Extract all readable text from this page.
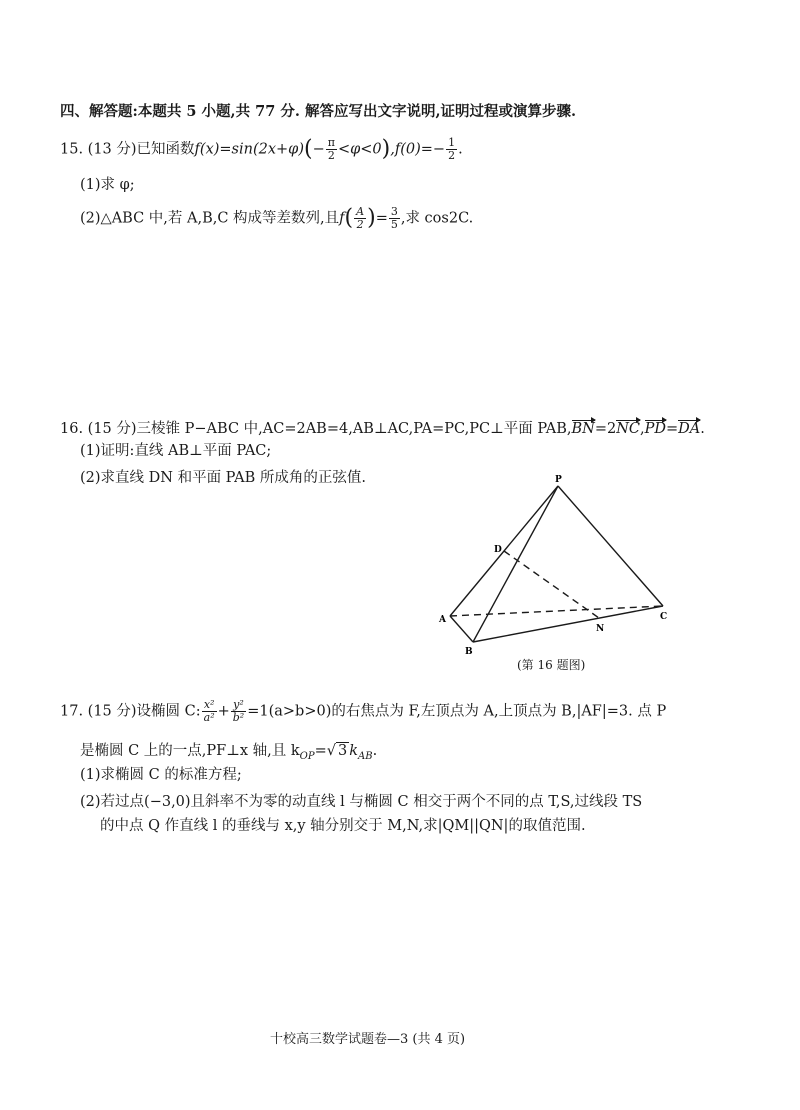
四、解答题:本题共 5 小题,共 77 分. 解答应写出文字说明,证明过程或演算步骤.
15. (13 分)已知函数$f(x)=\sin(2x+\varphi)(- \frac{\pi}{2} <\varphi<0),f(0)=- \frac{1}{2}$ .
(1)求 φ;
(2)△ABC 中,若 A,B,C 构成等差数列,且$f( \frac{A}{2}$ )= $\frac{3}{5}$ ,求 cos2C.
16. (15 分)三棱锥 P−ABC 中,AC=2AB=4,AB⊥AC,PA=PC,PC⊥平面 PAB,BN=2NC,PD=DA.
(1)证明:直线 AB⊥平面 PAC;
(2)求直线 DN 和平面 PAB 所成角的正弦值.	P
D
A
B
C
N
(第 16 题图)
17. (15 分)设椭圆 C: $\frac{\text{x²}}{\text{a²}} + \frac{\text{y²}}{\text{b²}} =1(a>b>0)$的右焦点为 F,左顶点为 A,上顶点为 B,|AF|=3. 点 P
是椭圆 C 上的一点,PF⊥x 轴,且 $k_{OP}=√$ 3 $k_{AB}$.
(1)求椭圆 C 的标准方程;
(2)若过点(−3,0)且斜率不为零的动直线 l 与椭圆 C 相交于两个不同的点 T,S,过线段 TS
的中点 Q 作直线 l 的垂线与 x,y 轴分别交于 M,N,求|QM||QN|的取值范围.
十校高三数学试题卷—3 (共 4 页)
